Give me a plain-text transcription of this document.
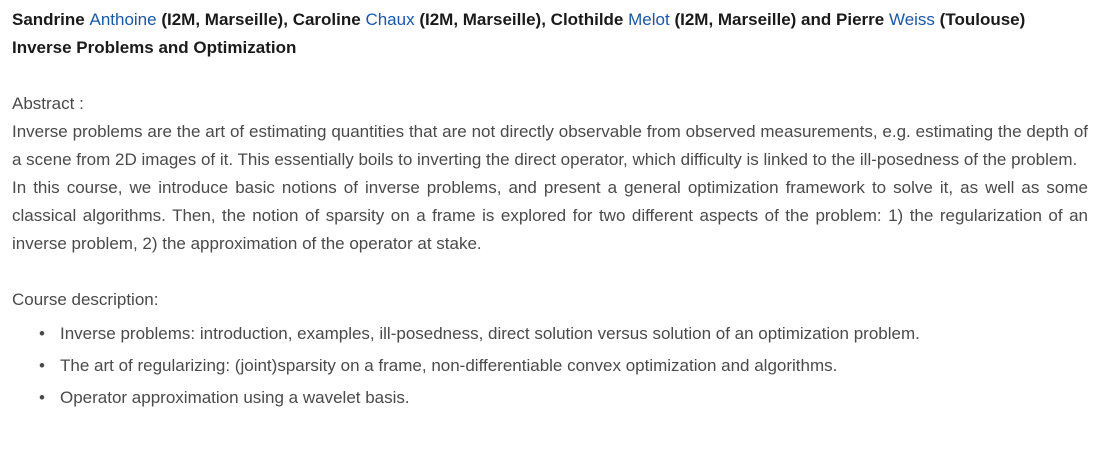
Sandrine Anthoine (I2M, Marseille), Caroline Chaux (I2M, Marseille), Clothilde Melot (I2M, Marseille) and Pierre Weiss (Toulouse)
Inverse Problems and Optimization
Abstract :
Inverse problems are the art of estimating quantities that are not directly observable from observed measurements, e.g. estimating the depth of a scene from 2D images of it. This essentially boils to inverting the direct operator, which difficulty is linked to the ill-posedness of the problem.
In this course, we introduce basic notions of inverse problems, and present a general optimization framework to solve it, as well as some classical algorithms. Then, the notion of sparsity on a frame is explored for two different aspects of the problem: 1) the regularization of an inverse problem, 2) the approximation of the operator at stake.
Course description:
• Inverse problems: introduction, examples, ill-posedness, direct solution versus solution of an optimization problem.
• The art of regularizing: (joint)sparsity on a frame, non-differentiable convex optimization and algorithms.
• Operator approximation using a wavelet basis.
